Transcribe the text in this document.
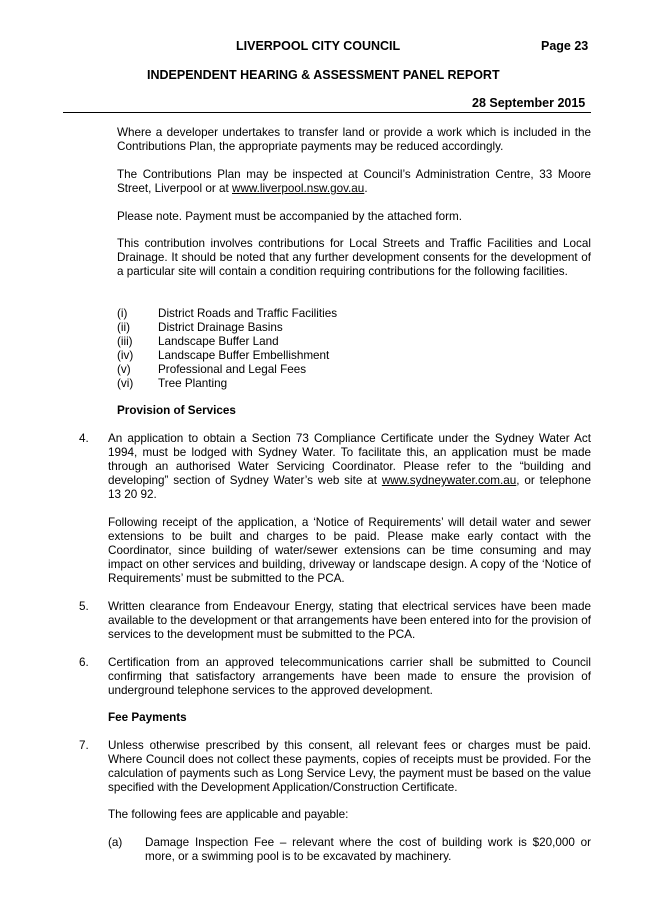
LIVERPOOL CITY COUNCIL	Page 23
INDEPENDENT HEARING & ASSESSMENT PANEL REPORT
28 September 2015
Where a developer undertakes to transfer land or provide a work which is included in the Contributions Plan, the appropriate payments may be reduced accordingly.
The Contributions Plan may be inspected at Council’s Administration Centre, 33 Moore Street, Liverpool or at www.liverpool.nsw.gov.au.
Please note. Payment must be accompanied by the attached form.
This contribution involves contributions for Local Streets and Traffic Facilities and Local Drainage. It should be noted that any further development consents for the development of a particular site will contain a condition requiring contributions for the following facilities.
(i)	District Roads and Traffic Facilities
(ii) District Drainage Basins
(iii) Landscape Buffer Land
(iv) Landscape Buffer Embellishment
(v) Professional and Legal Fees
(vi) Tree Planting
Provision of Services
4. An application to obtain a Section 73 Compliance Certificate under the Sydney Water Act 1994, must be lodged with Sydney Water. To facilitate this, an application must be made through an authorised Water Servicing Coordinator. Please refer to the “building and developing” section of Sydney Water’s web site at www.sydneywater.com.au, or telephone 13 20 92.
Following receipt of the application, a ‘Notice of Requirements’ will detail water and sewer extensions to be built and charges to be paid. Please make early contact with the Coordinator, since building of water/sewer extensions can be time consuming and may impact on other services and building, driveway or landscape design. A copy of the ‘Notice of Requirements’ must be submitted to the PCA.
5. Written clearance from Endeavour Energy, stating that electrical services have been made available to the development or that arrangements have been entered into for the provision of services to the development must be submitted to the PCA.
6. Certification from an approved telecommunications carrier shall be submitted to Council confirming that satisfactory arrangements have been made to ensure the provision of underground telephone services to the approved development.
Fee Payments
7. Unless otherwise prescribed by this consent, all relevant fees or charges must be paid. Where Council does not collect these payments, copies of receipts must be provided. For the calculation of payments such as Long Service Levy, the payment must be based on the value specified with the Development Application/Construction Certificate.
The following fees are applicable and payable:
(a) Damage Inspection Fee – relevant where the cost of building work is $20,000 or more, or a swimming pool is to be excavated by machinery.
